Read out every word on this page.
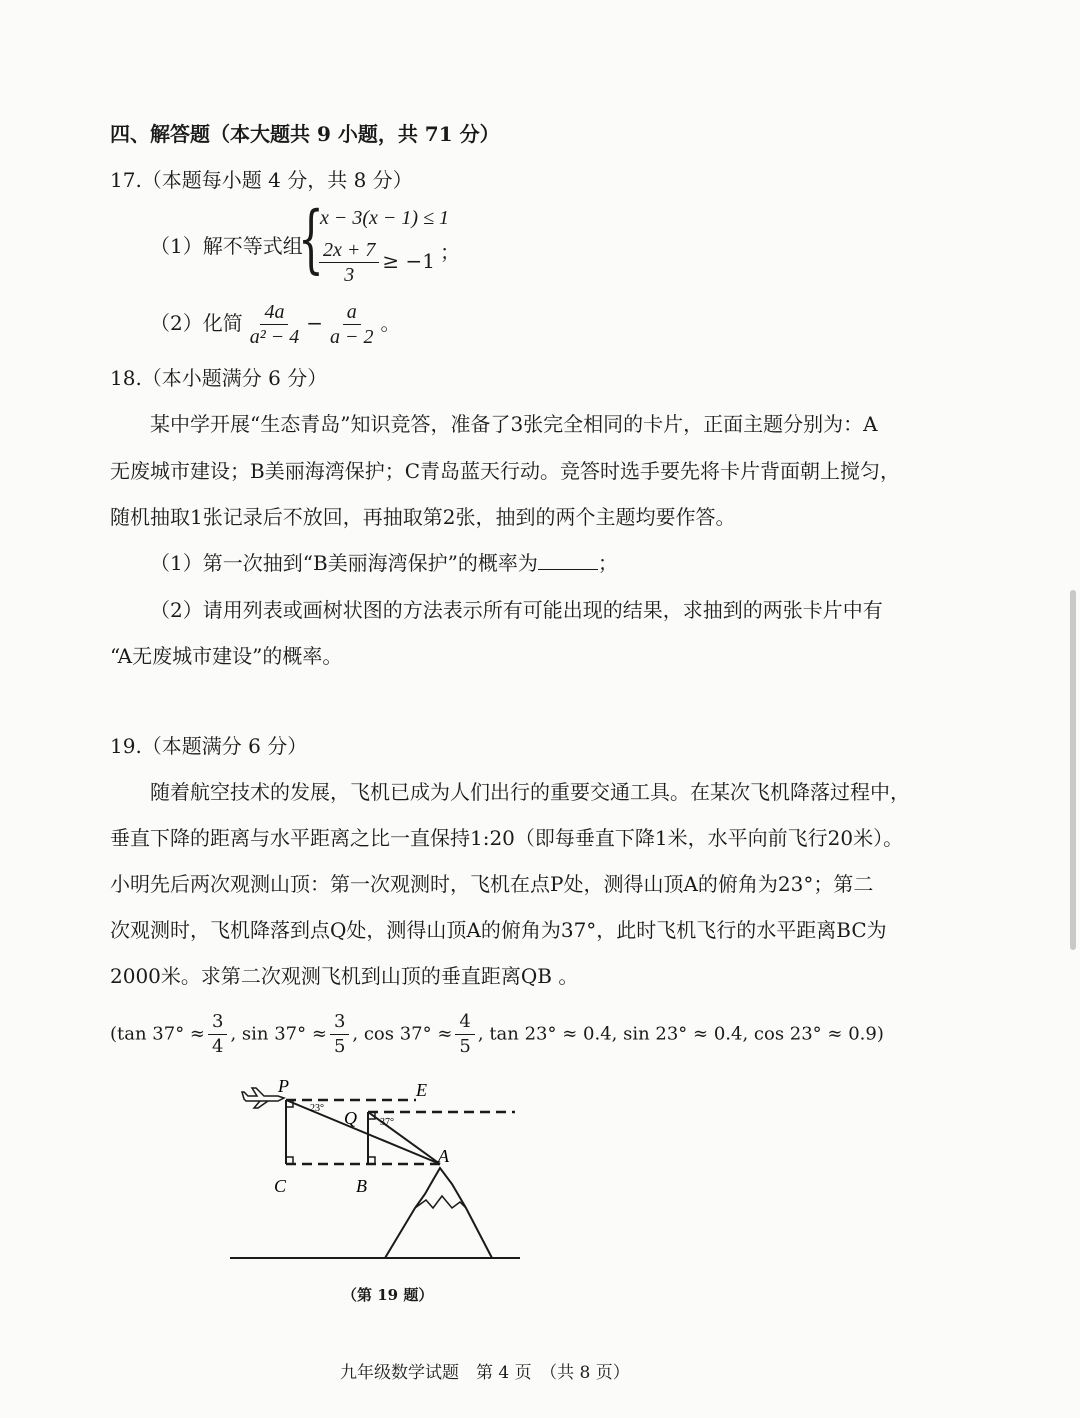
四、解答题（本大题共 9 小题，共 71 分）
17.（本题每小题 4 分，共 8 分）
（1）解不等式组
{
x − 3(x − 1) ≤ 1
$\frac{2x + 7}{3} \ge -1$ ；
（2）化简 $\frac{4a}{\text{a² − 4}} - \frac{a}{a - 2}$ 。
18.（本小题满分 6 分）
某中学开展“生态青岛”知识竞答，准备了3张完全相同的卡片，正面主题分别为：A
无废城市建设；B美丽海湾保护；C青岛蓝天行动。竞答时选手要先将卡片背面朝上搅匀，
随机抽取1张记录后不放回，再抽取第2张，抽到的两个主题均要作答。
（1）第一次抽到“B美丽海湾保护”的概率为	；
（2）请用列表或画树状图的方法表示所有可能出现的结果，求抽到的两张卡片中有
“A无废城市建设”的概率。
19.（本题满分 6 分）
随着航空技术的发展，飞机已成为人们出行的重要交通工具。在某次飞机降落过程中，
垂直下降的距离与水平距离之比一直保持1:20（即每垂直下降1米，水平向前飞行20米）。
小明先后两次观测山顶：第一次观测时，飞机在点P处，测得山顶A的俯角为23°；第二
次观测时，飞机降落到点Q处，测得山顶A的俯角为37°，此时飞机飞行的水平距离BC为
2000米。求第二次观测飞机到山顶的垂直距离QB 。
(tan $37^\circ \approx \frac{3}{4}$ , $\sin 37^\circ \approx \frac{3}{5}$ , $\cos 37^\circ \approx \frac{4}{5}$ , tan 23° ≈ 0.4, sin 23° ≈ 0.4, cos 23° ≈ 0.9)
P	E
Q
A
C	B
23°
37°
（第 19 题）
九年级数学试题　第 4 页　（共 8 页）
